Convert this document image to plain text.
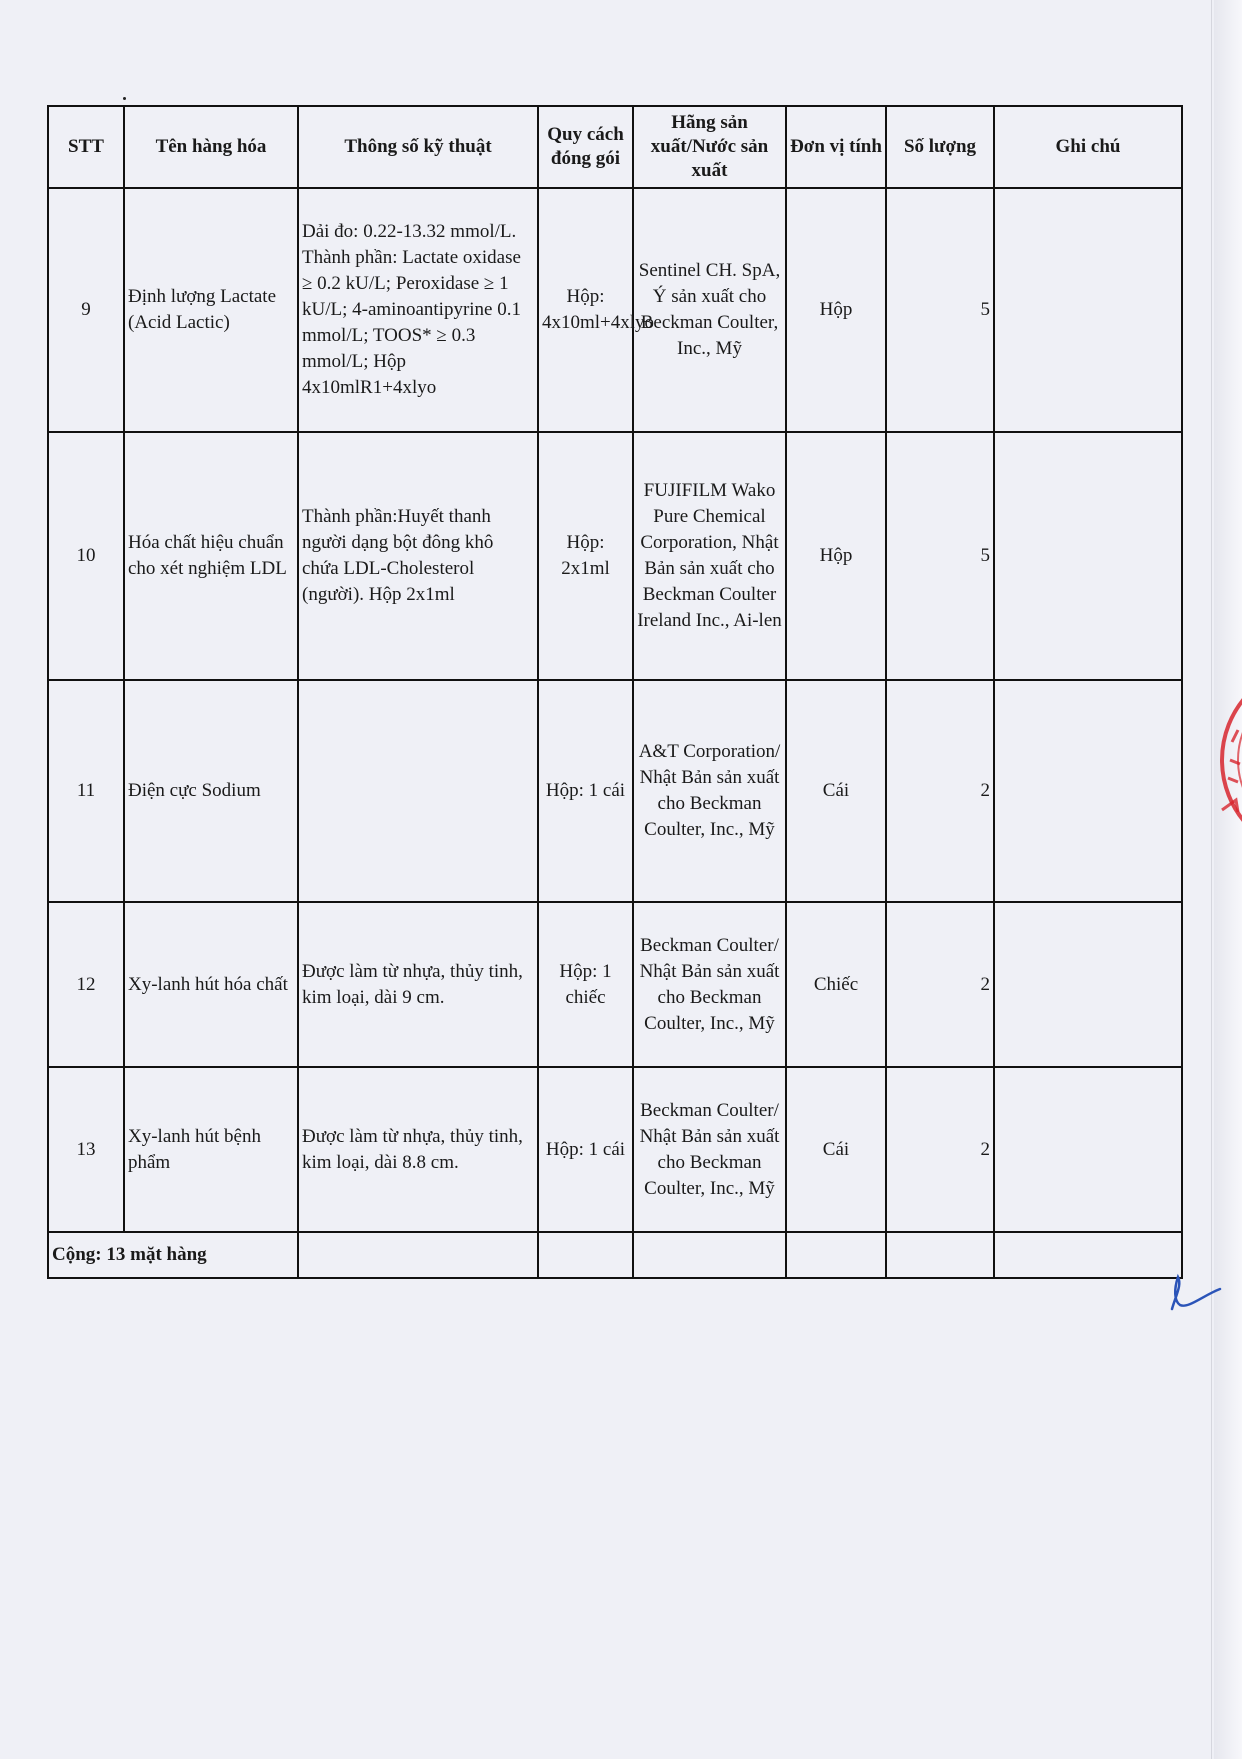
STT	Tên hàng hóa	Thông số kỹ thuật	Quy cách đóng gói	Hãng sản xuất/Nước sản xuất	Đơn vị tính	Số lượng	Ghi chú
9	Định lượng Lactate (Acid Lactic)	Dải đo: 0.22-13.32 mmol/L. Thành phần: Lactate oxidase ≥ 0.2 kU/L; Peroxidase ≥ 1 kU/L; 4-aminoantipyrine 0.1 mmol/L; TOOS* ≥ 0.3 mmol/L; Hộp 4x10mlR1+4xlyo	Hộp: 4x10ml+4xlyo	Sentinel CH. SpA, Ý sản xuất cho Beckman Coulter, Inc., Mỹ	Hộp	5	
10	Hóa chất hiệu chuẩn cho xét nghiệm LDL	Thành phần:Huyết thanh người dạng bột đông khô chứa LDL-Cholesterol (người). Hộp 2x1ml	Hộp: 2x1ml	FUJIFILM Wako Pure Chemical Corporation, Nhật Bản sản xuất cho Beckman Coulter Ireland Inc., Ai-len	Hộp	5	
11	Điện cực Sodium		Hộp: 1 cái	A&T Corporation/ Nhật Bản sản xuất cho Beckman Coulter, Inc., Mỹ	Cái	2	
12	Xy-lanh hút hóa chất	Được làm từ nhựa, thủy tinh, kim loại, dài 9 cm.	Hộp: 1 chiếc	Beckman Coulter/ Nhật Bản sản xuất cho Beckman Coulter, Inc., Mỹ	Chiếc	2	
13	Xy-lanh hút bệnh phẩm	Được làm từ nhựa, thủy tinh, kim loại, dài 8.8 cm.	Hộp: 1 cái	Beckman Coulter/ Nhật Bản sản xuất cho Beckman Coulter, Inc., Mỹ	Cái	2	
Cộng: 13 mặt hàng							
